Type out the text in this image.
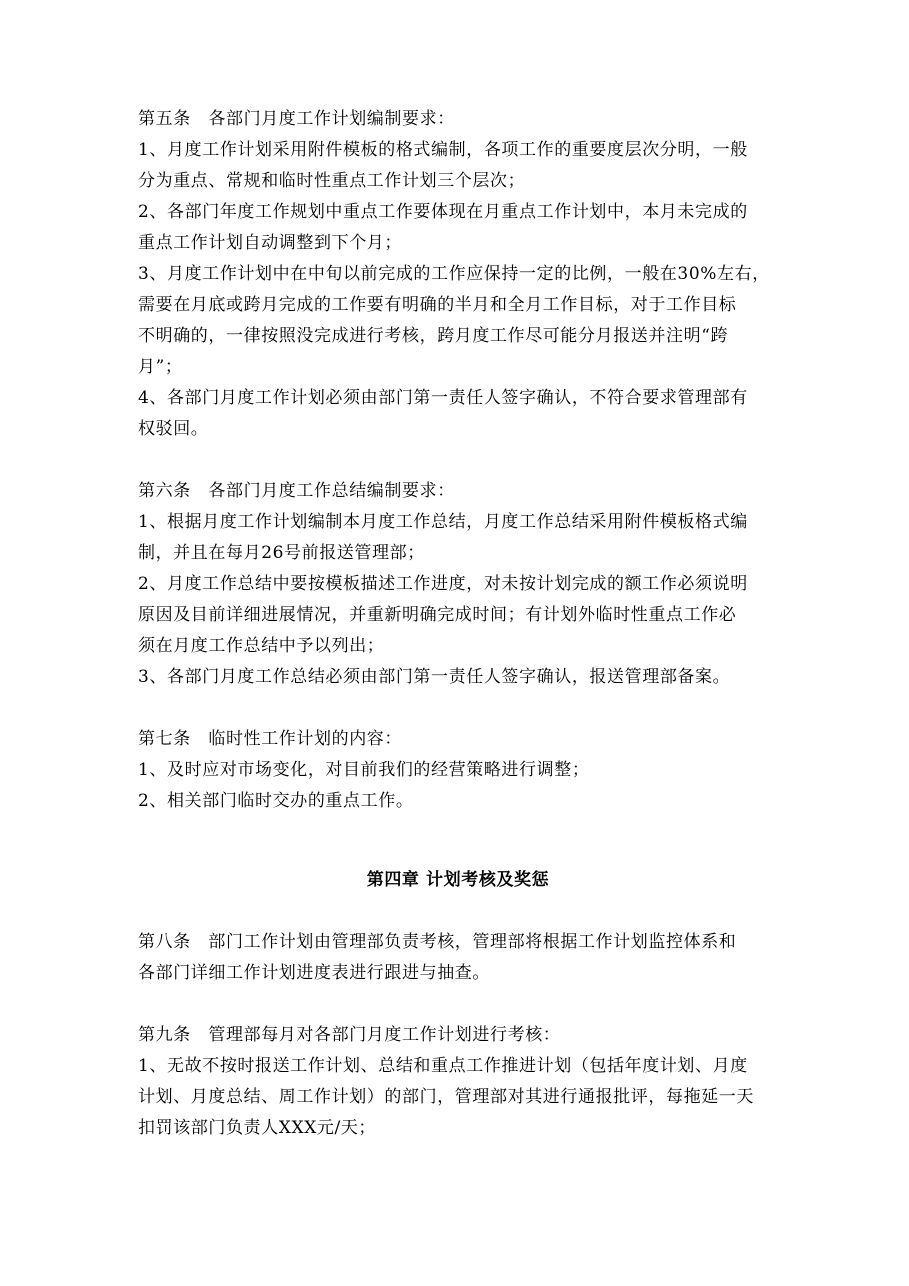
第五条　各部门月度工作计划编制要求：
1、月度工作计划采用附件模板的格式编制，各项工作的重要度层次分明，一般
分为重点、常规和临时性重点工作计划三个层次；
2、各部门年度工作规划中重点工作要体现在月重点工作计划中，本月未完成的
重点工作计划自动调整到下个月；
3、月度工作计划中在中旬以前完成的工作应保持一定的比例，一般在30%左右，
需要在月底或跨月完成的工作要有明确的半月和全月工作目标，对于工作目标
不明确的，一律按照没完成进行考核，跨月度工作尽可能分月报送并注明“跨
月”；
4、各部门月度工作计划必须由部门第一责任人签字确认，不符合要求管理部有
权驳回。
第六条　各部门月度工作总结编制要求：
1、根据月度工作计划编制本月度工作总结，月度工作总结采用附件模板格式编
制，并且在每月26号前报送管理部；
2、月度工作总结中要按模板描述工作进度，对未按计划完成的额工作必须说明
原因及目前详细进展情况，并重新明确完成时间；有计划外临时性重点工作必
须在月度工作总结中予以列出；
3、各部门月度工作总结必须由部门第一责任人签字确认，报送管理部备案。
第七条　临时性工作计划的内容：
1、及时应对市场变化，对目前我们的经营策略进行调整；
2、相关部门临时交办的重点工作。
第四章 计划考核及奖惩
第八条　部门工作计划由管理部负责考核，管理部将根据工作计划监控体系和
各部门详细工作计划进度表进行跟进与抽查。
第九条　管理部每月对各部门月度工作计划进行考核：
1、无故不按时报送工作计划、总结和重点工作推进计划（包括年度计划、月度
计划、月度总结、周工作计划）的部门，管理部对其进行通报批评，每拖延一天
扣罚该部门负责人XXX元/天；
